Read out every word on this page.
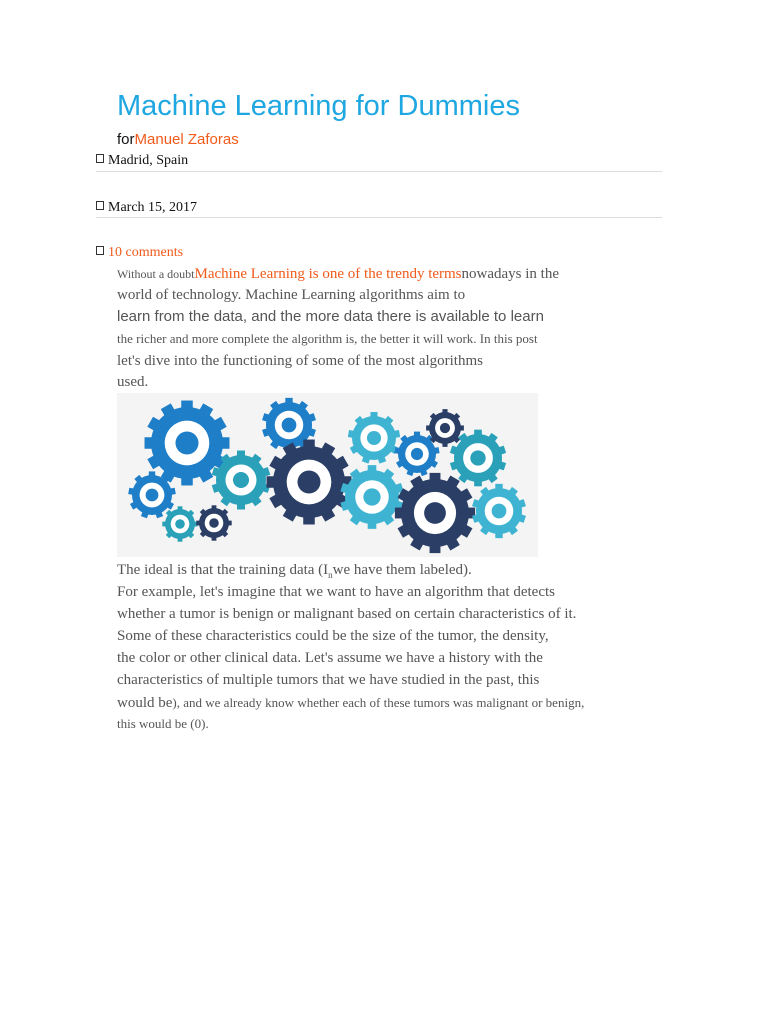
Machine Learning for Dummies
forManuel Zaforas
Madrid, Spain
March 15, 2017
10 comments
Without a doubtMachine Learning is one of the trendy termsnowadays in the
world of technology. Machine Learning algorithms aim to
learn from the data, and the more data there is available to learn
the richer and more complete the algorithm is, the better it will work. In this post
let's dive into the functioning of some of the most algorithms
used.
The ideal is that the training data ($I_nwe$ have them labeled).
For example, let's imagine that we want to have an algorithm that detects
whether a tumor is benign or malignant based on certain characteristics of it.
Some of these characteristics could be the size of the tumor, the density,
the color or other clinical data. Let's assume we have a history with the
characteristics of multiple tumors that we have studied in the past, this
would be), and we already know whether each of these tumors was malignant or benign,
this would be (0).
